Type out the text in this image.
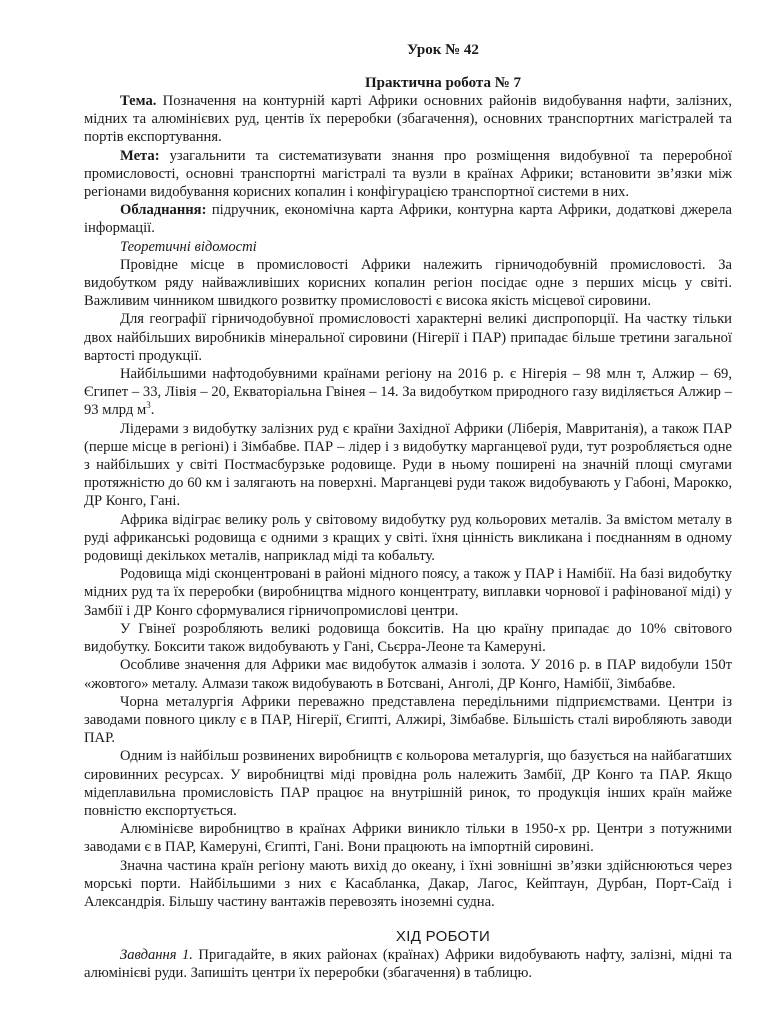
Урок № 42
Практична робота № 7

Тема. Позначення на контурній карті Африки основних районів видобування нафти, залізних, мідних та алюмінієвих руд, центів їх переробки (збагачення), основних транспортних магістралей та портів експортування.

Мета: узагальнити та систематизувати знання про розміщення видобувної та переробної промисловості, основні транспортні магістралі та вузли в країнах Африки; встановити зв’язки між регіонами видобування корисних копалин і конфігурацією транспортної системи в них.

Обладнання: підручник, економічна карта Африки, контурна карта Африки, додаткові джерела інформації.

Теоретичні відомості

Провідне місце в промисловості Африки належить гірничодобувній промисловості. За видобутком ряду найважливіших корисних копалин регіон посідає одне з перших місць у світі. Важливим чинником швидкого розвитку промисловості є висока якість місцевої сировини.

Для географії гірничодобувної промисловості характерні великі диспропорції. На частку тільки двох найбільших виробників мінеральної сировини (Нігерії і ПАР) припадає більше третини загальної вартості продукції.

Найбільшими нафтодобувними країнами регіону на 2016 р. є Нігерія – 98 млн т, Алжир – 69, Єгипет – 33, Лівія – 20, Екваторіальна Гвінея – 14. За видобутком природного газу виділяється Алжир – 93 млрд $м^3$.

Лідерами з видобутку залізних руд є країни Західної Африки (Ліберія, Мавританія), а також ПАР (перше місце в регіоні) і Зімбабве. ПАР – лідер і з видобутку марганцевої руди, тут розробляється одне з найбільших у світі Постмасбурзьке родовище. Руди в ньому поширені на значній площі смугами протяжністю до 60 км і залягають на поверхні. Марганцеві руди також видобувають у Габоні, Марокко, ДР Конго, Гані.

Африка відіграє велику роль у світовому видобутку руд кольорових металів. За вмістом металу в руді африканські родовища є одними з кращих у світі. їхня цінність викликана і поєднанням в одному родовищі декількох металів, наприклад міді та кобальту.

Родовища міді сконцентровані в районі мідного поясу, а також у ПАР і Намібії. На базі видобутку мідних руд та їх переробки (виробництва мідного концентрату, виплавки чорнової і рафінованої міді) у Замбії і ДР Конго сформувалися гірничопромислові центри.

У Гвінеї розробляють великі родовища бокситів. На цю країну припадає до 10% світового видобутку. Боксити також видобувають у Гані, Сьєрра-Леоне та Камеруні.

Особливе значення для Африки має видобуток алмазів і золота. У 2016 р. в ПАР видобули 150т «жовтого» металу. Алмази також видобувають в Ботсвані, Анголі, ДР Конго, Намібії, Зімбабве.

Чорна металургія Африки переважно представлена передільними підприємствами. Центри із заводами повного циклу є в ПАР, Нігерії, Єгипті, Алжирі, Зімбабве. Більшість сталі виробляють заводи ПАР.

Одним із найбільш розвинених виробництв є кольорова металургія, що базується на найбагатших сировинних ресурсах. У виробництві міді провідна роль належить Замбії, ДР Конго та ПАР. Якщо мідеплавильна промисловість ПАР працює на внутрішній ринок, то продукція інших країн майже повністю експортується.

Алюмінієве виробництво в країнах Африки виникло тільки в 1950-х рр. Центри з потужними заводами є в ПАР, Камеруні, Єгипті, Гані. Вони працюють на імпортній сировині.

Значна частина країн регіону мають вихід до океану, і їхні зовнішні зв’язки здійснюються через морські порти. Найбільшими з них є Касабланка, Дакар, Лагос, Кейптаун, Дурбан, Порт-Саїд і Александрія. Більшу частину вантажів перевозять іноземні судна.

ХІД РОБОТИ

Завдання 1. Пригадайте, в яких районах (країнах) Африки видобувають нафту, залізні, мідні та алюмінієві руди. Запишіть центри їх переробки (збагачення) в таблицю.
